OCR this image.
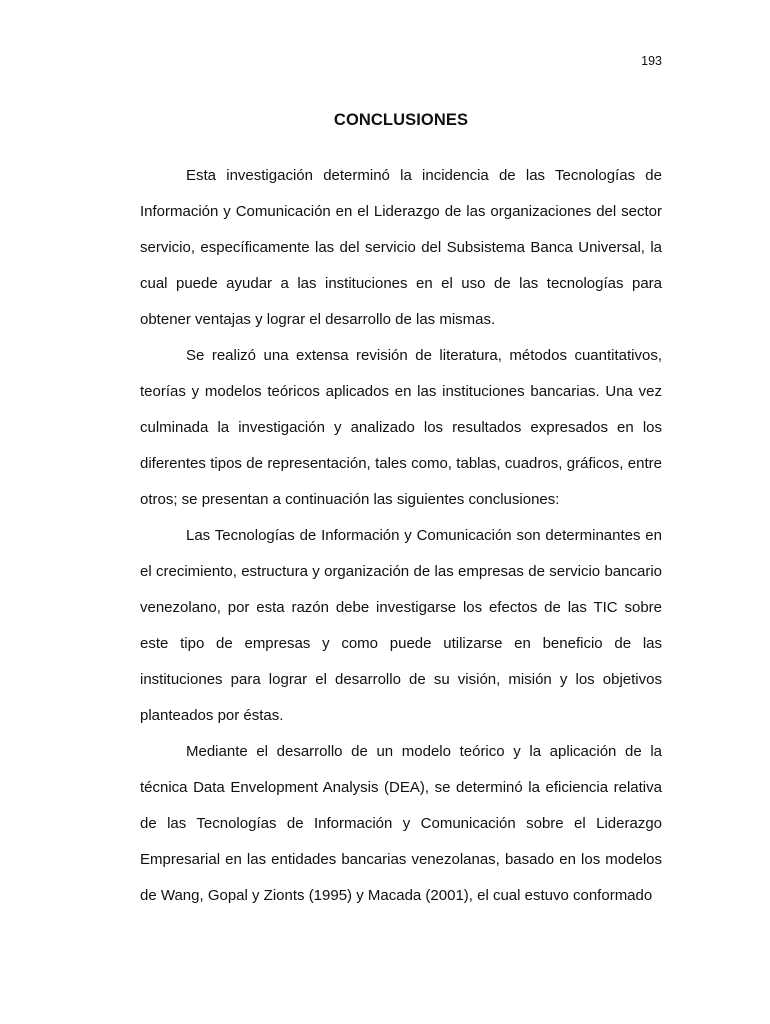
193
CONCLUSIONES

Esta investigación determinó la incidencia de las Tecnologías de Información y Comunicación en el Liderazgo de las organizaciones del sector servicio, específicamente las del servicio del Subsistema Banca Universal, la cual puede ayudar a las instituciones en el uso de las tecnologías para obtener ventajas y lograr el desarrollo de las mismas.

Se realizó una extensa revisión de literatura, métodos cuantitativos, teorías y modelos teóricos aplicados en las instituciones bancarias. Una vez culminada la investigación y analizado los resultados expresados en los diferentes tipos de representación, tales como, tablas, cuadros, gráficos, entre otros; se presentan a continuación las siguientes conclusiones:

Las Tecnologías de Información y Comunicación son determinantes en el crecimiento, estructura y organización de las empresas de servicio bancario venezolano, por esta razón debe investigarse los efectos de las TIC sobre este tipo de empresas y como puede utilizarse en beneficio de las instituciones para lograr el desarrollo de su visión, misión y los objetivos planteados por éstas.

Mediante el desarrollo de un modelo teórico y la aplicación de la técnica Data Envelopment Analysis (DEA), se determinó la eficiencia relativa de las Tecnologías de Información y Comunicación sobre el Liderazgo Empresarial en las entidades bancarias venezolanas, basado en los modelos de Wang, Gopal y Zionts (1995) y Macada (2001), el cual estuvo conformado
